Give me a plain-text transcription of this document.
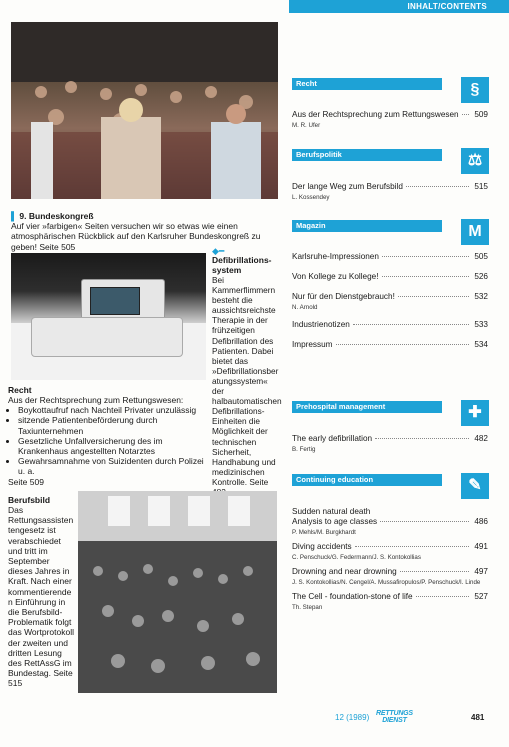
INHALT/CONTENTS
▌ 9. Bundeskongreß
Auf vier »farbigen« Seiten versuchen wir so etwas wie einen atmosphärischen Rückblick auf den Karlsruher Bundeskongreß zu geben! Seite 505	◆━
Defibrillations-system
Bei Kammerflimmern besteht die aussichtsreichste Therapie in der frühzeitigen Defibrillation des Patienten. Dabei bietet das »Defibrillationsberatungssystem« der halbautomatischen Defibrillations-Einheiten die Möglichkeit der technischen Sicherheit, Handhabung und medizinischen Kontrolle. Seite
Recht
Aus der Rechtsprechung zum Rettungswesen:
• Boykottaufruf nach Nachteil Privater unzulässig
• sitzende Patientenbeförderung durch Taxiunternehmen
• Gesetzliche Unfallversicherung des im Krankenhaus angestellten Notarztes
• Gewahrsamnahme von Suizidenten durch Polizei u. a.
Seite 509
Berufsbild
Das Rettungsassistentengesetz ist verabschiedet und tritt im September dieses Jahres in Kraft. Nach einer kommentierenden Einführung in die Berufsbild-Problematik folgt das Wortprotokoll der zweiten und dritten Lesung des RettAssG im Bundestag. Seite 515
Recht	§
Aus der Rechtsprechung zum Rettungswesen 509
M. R. Ufer
Berufspolitik	⚖
Der lange Weg zum Berufsbild	515
L. Kossendey
Magazin	M
Karlsruhe-Impressionen	505
Von Kollege zu Kollege!	526
Nur für den Dienstgebrauch!	532
N. Arnold
Industrienotizen	533
Impressum	534
Prehospital management	✚
The early defibrillation	482
B. Fertig
Continuing education	✎
Sudden natural death
Analysis to age classes	486
P. Mehls/M. Burgkhardt
Diving accidents	491
C. Penschuck/G. Federmann/J. S. Kontokollias
Drowning and near drowning	497
J. S. Kontokollias/N. Cengel/A. Mussafiropulos/P. Penschuck/I. Linde
The Cell - foundation-stone of life	527
Th. Stepan
12 (1989) RETTUNGS
DIENST	481
